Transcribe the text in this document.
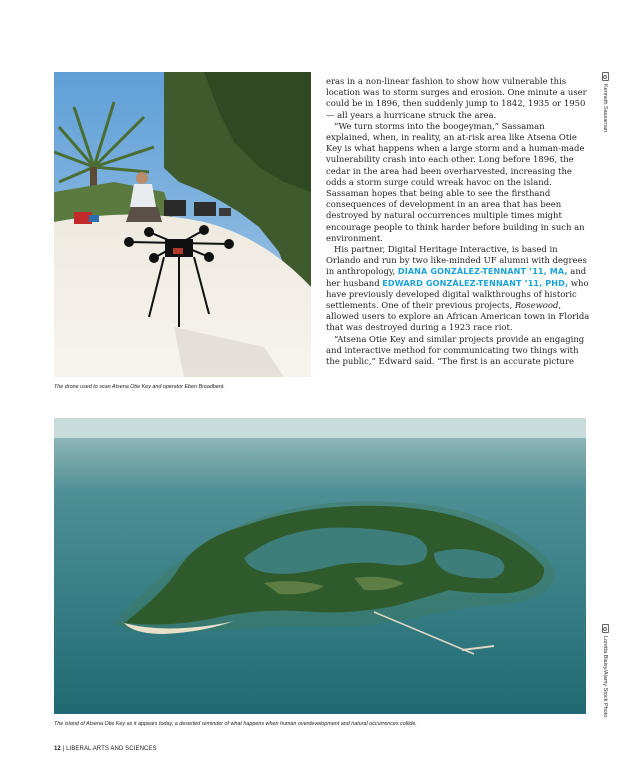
The drone used to scan Atsena Otie Key and operator Eben Broadbent.
Kenneth Sassaman

eras in a non-linear fashion to show how vulnerable this location was to storm surges and erosion. One minute a user could be in 1896, then suddenly jump to 1842, 1935 or 1950 — all years a hurricane struck the area.

“We turn storms into the boogeyman,” Sassaman explained, when, in reality, an at-risk area like Atsena Otie Key is what happens when a large storm and a human-made vulnerability crash into each other. Long before 1896, the cedar in the area had been overharvested, increasing the odds a storm surge could wreak havoc on the island. Sassaman hopes that being able to see the firsthand consequences of development in an area that has been destroyed by natural occurrences multiple times might encourage people to think harder before building in such an environment.

His partner, Digital Heritage Interactive, is based in Orlando and run by two like-minded UF alumni with degrees in anthropology, DIANA GONZÁLEZ-TENNANT ’11, MA, and her husband EDWARD GONZÁLEZ-TENNANT ’11, PHD, who have previously developed digital walkthroughs of historic settlements. One of their previous projects, Rosewood, allowed users to explore an African American town in Florida that was destroyed during a 1923 race riot.

“Atsena Otie Key and similar projects provide an engaging and interactive method for communicating two things with the public,” Edward said. “The first is an accurate picture

The island of Atsena Otie Key as it appears today, a deserted reminder of what happens when human overdevelopment and natural occurrences collide.
Loretta Blaisy/Alamy Stock Photo
12 | LIBERAL ARTS AND SCIENCES
